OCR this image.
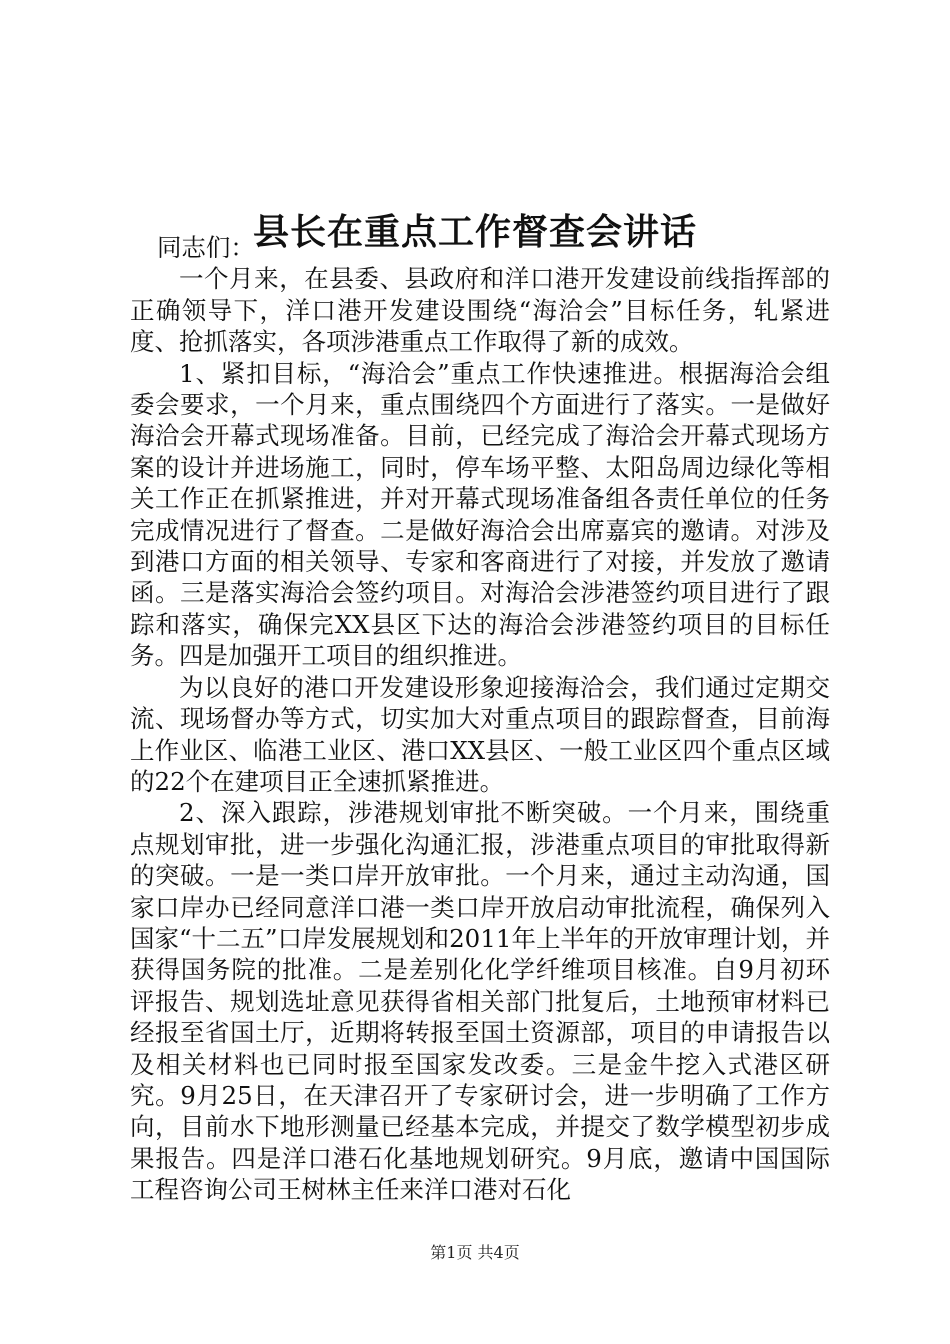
县长在重点工作督查会讲话

同志们：

一个月来，在县委、县政府和洋口港开发建设前线指挥部的正确领导下，洋口港开发建设围绕“海洽会”目标任务，轧紧进度、抢抓落实，各项涉港重点工作取得了新的成效。

1、紧扣目标，“海洽会”重点工作快速推进。根据海洽会组委会要求，一个月来，重点围绕四个方面进行了落实。一是做好海洽会开幕式现场准备。目前，已经完成了海洽会开幕式现场方案的设计并进场施工，同时，停车场平整、太阳岛周边绿化等相关工作正在抓紧推进，并对开幕式现场准备组各责任单位的任务完成情况进行了督查。二是做好海洽会出席嘉宾的邀请。对涉及到港口方面的相关领导、专家和客商进行了对接，并发放了邀请函。三是落实海洽会签约项目。对海洽会涉港签约项目进行了跟踪和落实，确保完XX县区下达的海洽会涉港签约项目的目标任务。四是加强开工项目的组织推进。

为以良好的港口开发建设形象迎接海洽会，我们通过定期交流、现场督办等方式，切实加大对重点项目的跟踪督查，目前海上作业区、临港工业区、港口XX县区、一般工业区四个重点区域的22个在建项目正全速抓紧推进。

2、深入跟踪，涉港规划审批不断突破。一个月来，围绕重点规划审批，进一步强化沟通汇报，涉港重点项目的审批取得新的突破。一是一类口岸开放审批。一个月来，通过主动沟通，国家口岸办已经同意洋口港一类口岸开放启动审批流程，确保列入国家“十二五”口岸发展规划和2011年上半年的开放审理计划，并获得国务院的批准。二是差别化化学纤维项目核准。自9月初环评报告、规划选址意见获得省相关部门批复后，土地预审材料已经报至省国土厅，近期将转报至国土资源部，项目的申请报告以及相关材料也已同时报至国家发改委。三是金牛挖入式港区研究。9月25日，在天津召开了专家研讨会，进一步明确了工作方向，目前水下地形测量已经基本完成，并提交了数学模型初步成果报告。四是洋口港石化基地规划研究。9月底，邀请中国国际工程咨询公司王树林主任来洋口港对石化

第1页 共4页
